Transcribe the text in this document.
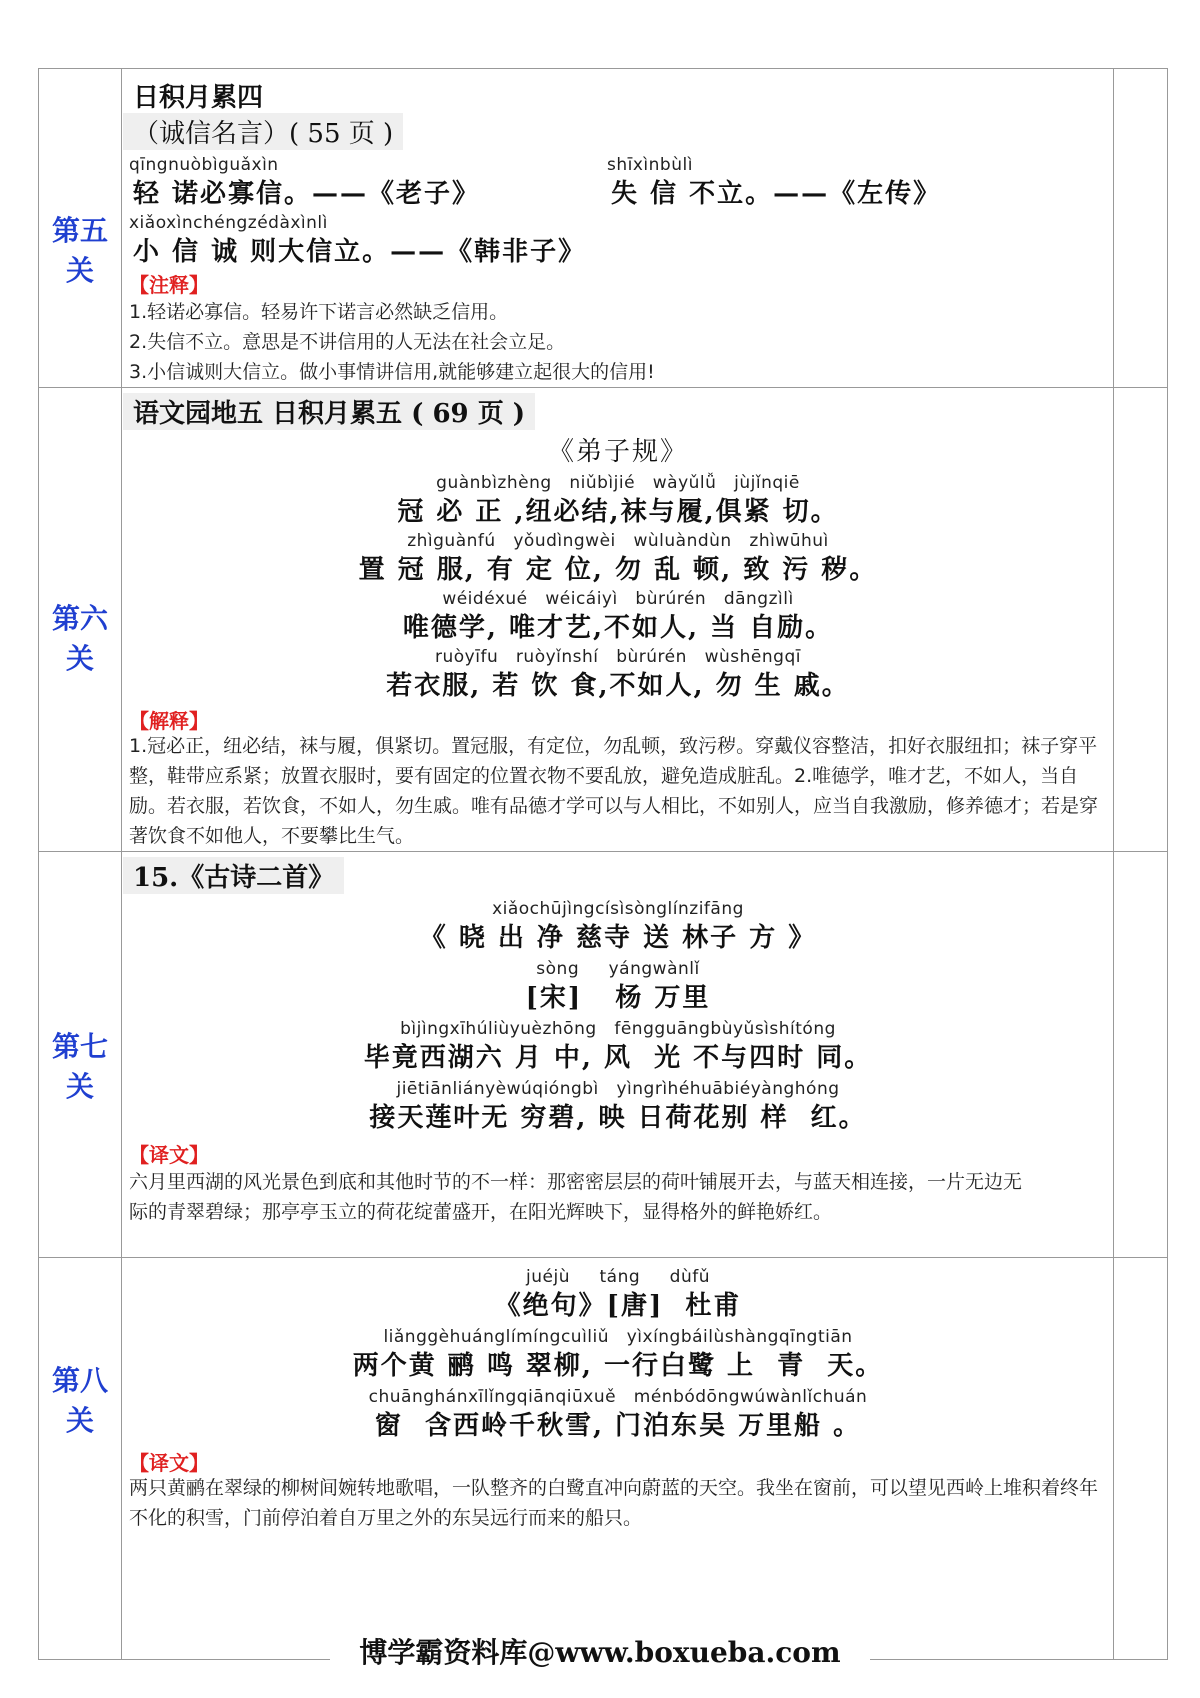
第五关
第六关
第七关
第八关
日积月累四
（诚信名言）( 55 页 )
qīngnuòbìguǎxìn
轻 诺必寡信。——《老子》
shīxìnbùlì
失 信 不立。——《左传》
xiǎoxìnchéngzédàxìnlì
小 信 诚 则大信立。——《韩非子》
【注释】
1.轻诺必寡信。轻易许下诺言必然缺乏信用。
2.失信不立。意思是不讲信用的人无法在社会立足。
3.小信诚则大信立。做小事情讲信用,就能够建立起很大的信用!
语文园地五 日积月累五 ( 69 页 )
《弟子规》
guànbìzhèng   niǔbìjié   wàyǔlǚ   jùjǐnqiē
冠 必 正 ,纽必结,袜与履,俱紧 切。
zhìguànfú   yǒudìngwèi   wùluàndùn   zhìwūhuì
置 冠 服, 有 定 位, 勿 乱 顿, 致 污 秽。
wéidéxué   wéicáiyì   bùrúrén   dāngzìlì
唯德学, 唯才艺,不如人, 当 自励。
ruòyīfu   ruòyǐnshí   bùrúrén   wùshēngqī
若衣服, 若 饮 食,不如人, 勿 生 戚。
【解释】
1.冠必正，纽必结，袜与履，俱紧切。置冠服，有定位，勿乱顿，致污秽。穿戴仪容整洁，扣好衣服纽扣；袜子穿平整，鞋带应系紧；放置衣服时，要有固定的位置衣物不要乱放，避免造成脏乱。2.唯德学，唯才艺，不如人，当自励。若衣服，若饮食，不如人，勿生戚。唯有品德才学可以与人相比，不如别人，应当自我激励，修养德才；若是穿著饮食不如他人，不要攀比生气。
15.《古诗二首》
xiǎochūjìngcísìsònglínzifāng
《 晓 出 净 慈寺 送 林子 方 》
sòng     yángwànlǐ
[宋]   杨 万里
bìjìngxīhúliùyuèzhōng   fēngguāngbùyǔsìshítóng
毕竟西湖六 月 中, 风  光 不与四时 同。
jiētiānliányèwúqióngbì   yìngrìhéhuābiéyànghóng
接天莲叶无 穷碧, 映 日荷花别 样  红。
【译文】
六月里西湖的风光景色到底和其他时节的不一样：那密密层层的荷叶铺展开去，与蓝天相连接，一片无边无际的青翠碧绿；那亭亭玉立的荷花绽蕾盛开，在阳光辉映下，显得格外的鲜艳娇红。
juéjù     táng     dùfǔ
《绝句》[唐]  杜甫
liǎnggèhuánglímíngcuìliǔ   yìxíngbáilùshàngqīngtiān
两个黄 鹂 鸣 翠柳, 一行白鹭 上  青  天。
chuānghánxīlǐngqiānqiūxuě   ménbódōngwúwànlǐchuán
窗  含西岭千秋雪, 门泊东吴 万里船 。
【译文】
两只黄鹂在翠绿的柳树间婉转地歌唱，一队整齐的白鹭直冲向蔚蓝的天空。我坐在窗前，可以望见西岭上堆积着终年不化的积雪，门前停泊着自万里之外的东吴远行而来的船只。
博学霸资料库@www.boxueba.com
